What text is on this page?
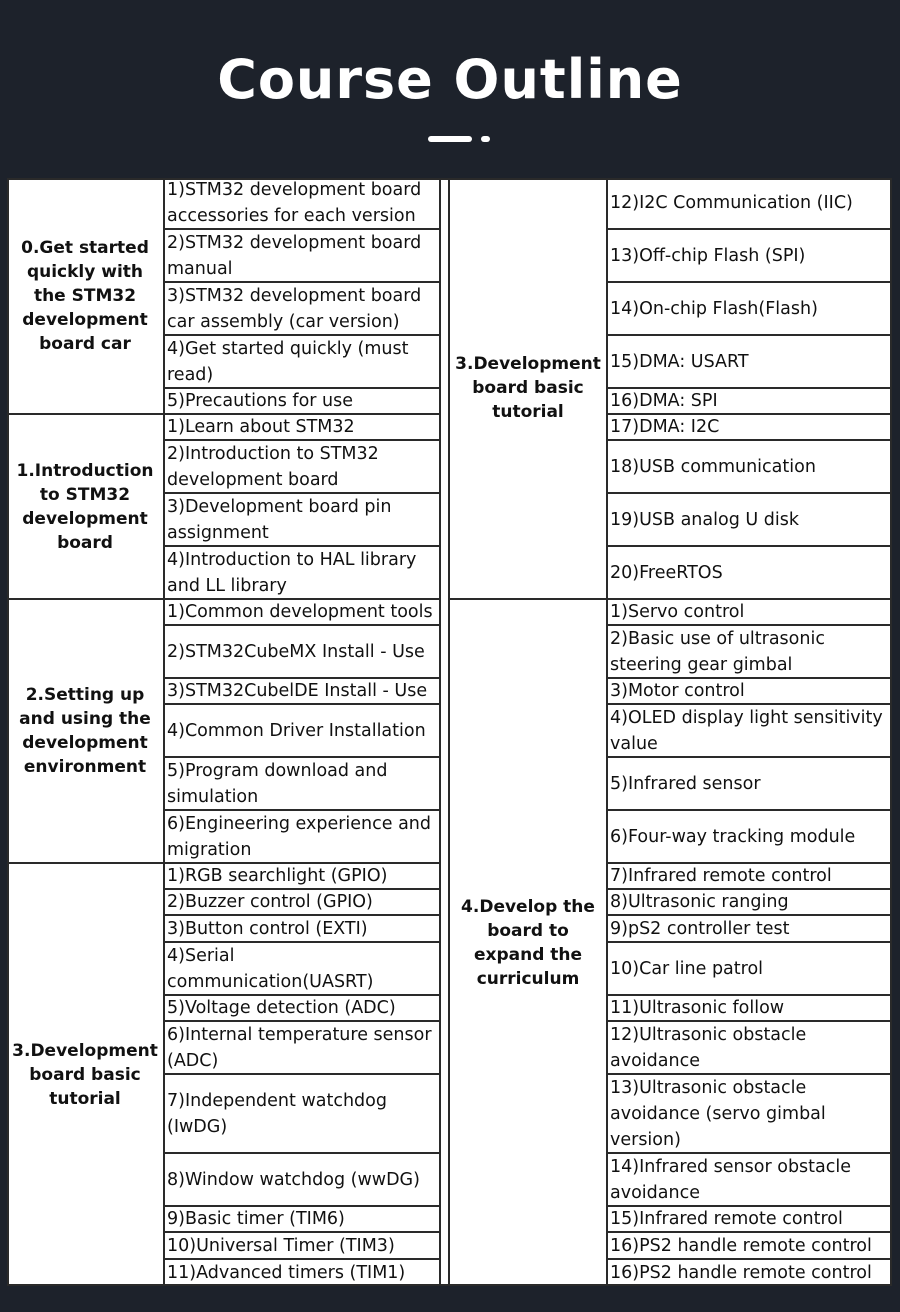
Course Outline
0.Get started quickly with the STM32 development board car
1.Introduction to STM32 development board
2.Setting up and using the development environment
3.Development board basic tutorial
1)STM32 development board accessories for each version
2)STM32 development board manual
3)STM32 development board car assembly (car version)
4)Get started quickly (must read)
5)Precautions for use
1)Learn about STM32
2)Introduction to STM32 development board
3)Development board pin assignment
4)Introduction to HAL library and LL library
1)Common development tools
2)STM32CubeMX Install - Use
3)STM32CubelDE Install - Use
4)Common Driver Installation
5)Program download and simulation
6)Engineering experience and migration
1)RGB searchlight (GPIO)
2)Buzzer control (GPIO)
3)Button control (EXTI)
4)Serial communication(UASRT)
5)Voltage detection (ADC)
6)Internal temperature sensor (ADC)
7)Independent watchdog (IwDG)
8)Window watchdog (wwDG)
9)Basic timer (TIM6)
10)Universal Timer (TIM3)
11)Advanced timers (TIM1)
3.Development board basic tutorial
4.Develop the board to expand the curriculum
12)I2C Communication (IIC)
13)Off-chip Flash (SPI)
14)On-chip Flash(Flash)
15)DMA: USART
16)DMA: SPI
17)DMA: I2C
18)USB communication
19)USB analog U disk
20)FreeRTOS
1)Servo control
2)Basic use of ultrasonic steering gear gimbal
3)Motor control
4)OLED display light sensitivity value
5)Infrared sensor
6)Four-way tracking module
7)Infrared remote control
8)Ultrasonic ranging
9)pS2 controller test
10)Car line patrol
11)Ultrasonic follow
12)Ultrasonic obstacle avoidance
13)Ultrasonic obstacle avoidance (servo gimbal version)
14)Infrared sensor obstacle avoidance
15)Infrared remote control
16)PS2 handle remote control
16)PS2 handle remote control
